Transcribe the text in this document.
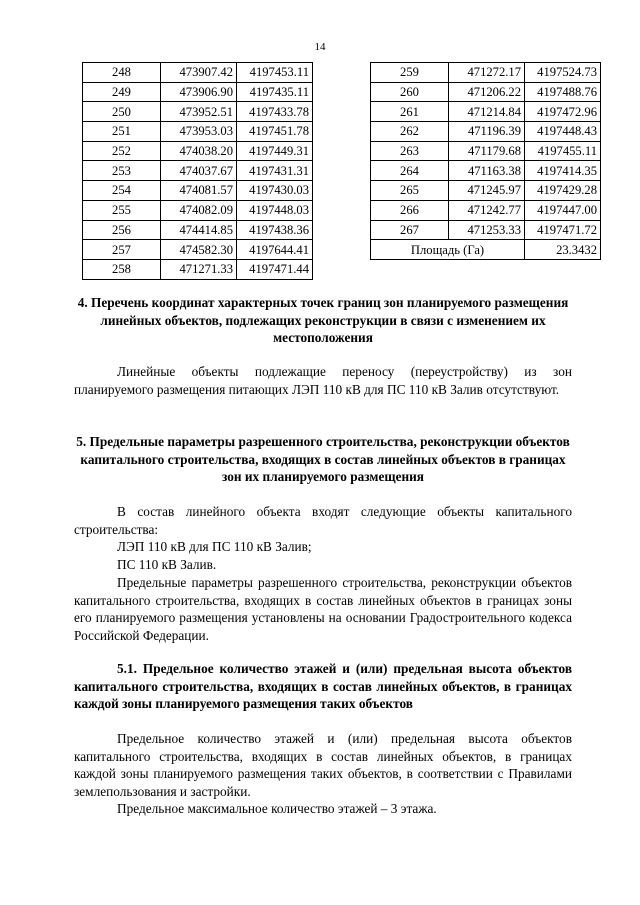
14
248	473907.42	4197453.11
249	473906.90	4197435.11
250	473952.51	4197433.78
251	473953.03	4197451.78
252	474038.20	4197449.31
253	474037.67	4197431.31
254	474081.57	4197430.03
255	474082.09	4197448.03
256	474414.85	4197438.36
257	474582.30	4197644.41
258	471271.33	4197471.44
259	471272.17	4197524.73
260	471206.22	4197488.76
261	471214.84	4197472.96
262	471196.39	4197448.43
263	471179.68	4197455.11
264	471163.38	4197414.35
265	471245.97	4197429.28
266	471242.77	4197447.00
267	471253.33	4197471.72
Площадь (Га)		23.3432
4. Перечень координат характерных точек границ зон планируемого размещения линейных объектов, подлежащих реконструкции в связи с изменением их местоположения
Линейные объекты подлежащие переносу (переустройству) из зон планируемого размещения питающих ЛЭП 110 кВ для ПС 110 кВ Залив отсутствуют.
5. Предельные параметры разрешенного строительства, реконструкции объектов капитального строительства, входящих в состав линейных объектов в границах зон их планируемого размещения
В состав линейного объекта входят следующие объекты капитального строительства:
ЛЭП 110 кВ для ПС 110 кВ Залив;
ПС 110 кВ Залив.
Предельные параметры разрешенного строительства, реконструкции объектов капитального строительства, входящих в состав линейных объектов в границах зоны его планируемого размещения установлены на основании Градостроительного кодекса Российской Федерации.
5.1. Предельное количество этажей и (или) предельная высота объектов капитального строительства, входящих в состав линейных объектов, в границах каждой зоны планируемого размещения таких объектов
Предельное количество этажей и (или) предельная высота объектов капитального строительства, входящих в состав линейных объектов, в границах каждой зоны планируемого размещения таких объектов, в соответствии с Правилами землепользования и застройки.
Предельное максимальное количество этажей – 3 этажа.
